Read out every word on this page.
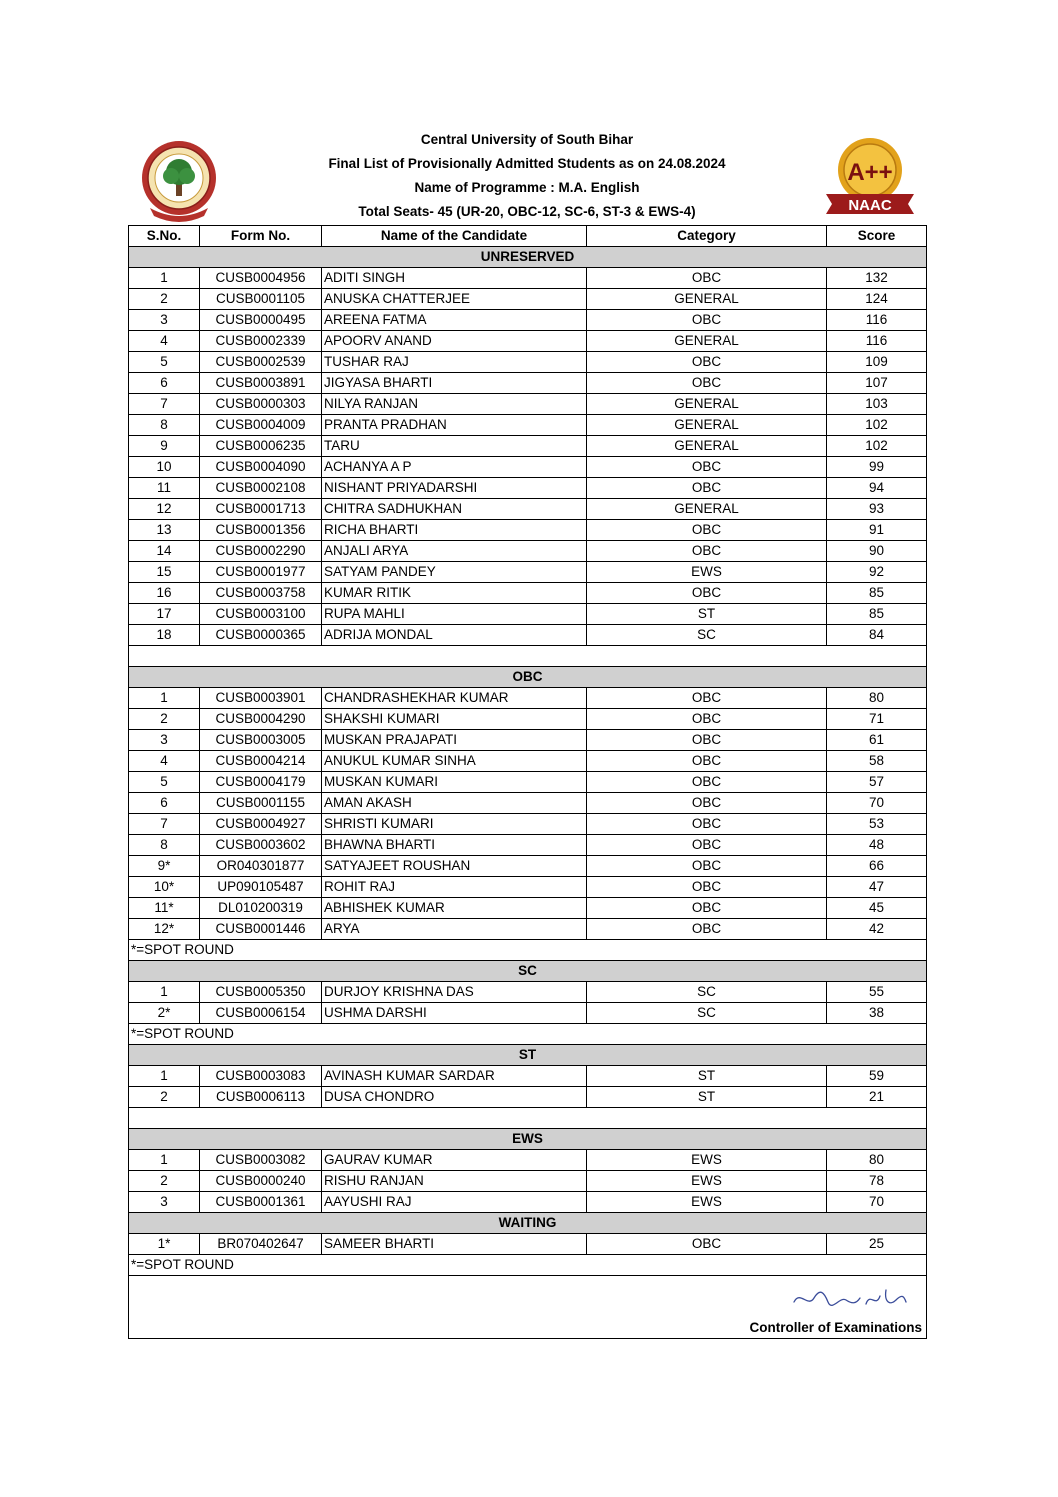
Central University of South Bihar
Final List of Provisionally Admitted Students as on 24.08.2024
Name of Programme : M.A. English
Total Seats- 45 (UR-20, OBC-12, SC-6, ST-3 & EWS-4)
A++
NAAC
S.No.	Form No.	Name of the Candidate	Category	Score
UNRESERVED				
1	CUSB0004956	ADITI SINGH	OBC	132
2	CUSB0001105	ANUSKA CHATTERJEE	GENERAL	124
3	CUSB0000495	AREENA FATMA	OBC	116
4	CUSB0002339	APOORV ANAND	GENERAL	116
5	CUSB0002539	TUSHAR RAJ	OBC	109
6	CUSB0003891	JIGYASA BHARTI	OBC	107
7	CUSB0000303	NILYA RANJAN	GENERAL	103
8	CUSB0004009	PRANTA PRADHAN	GENERAL	102
9	CUSB0006235	TARU	GENERAL	102
10	CUSB0004090	ACHANYA A P	OBC	99
11	CUSB0002108	NISHANT PRIYADARSHI	OBC	94
12	CUSB0001713	CHITRA SADHUKHAN	GENERAL	93
13	CUSB0001356	RICHA BHARTI	OBC	91
14	CUSB0002290	ANJALI ARYA	OBC	90
15	CUSB0001977	SATYAM PANDEY	EWS	92
16	CUSB0003758	KUMAR RITIK	OBC	85
17	CUSB0003100	RUPA MAHLI	ST	85
18	CUSB0000365	ADRIJA MONDAL	SC	84

OBC				
1	CUSB0003901	CHANDRASHEKHAR KUMAR	OBC	80
2	CUSB0004290	SHAKSHI KUMARI	OBC	71
3	CUSB0003005	MUSKAN PRAJAPATI	OBC	61
4	CUSB0004214	ANUKUL KUMAR SINHA	OBC	58
5	CUSB0004179	MUSKAN KUMARI	OBC	57
6	CUSB0001155	AMAN AKASH	OBC	70
7	CUSB0004927	SHRISTI KUMARI	OBC	53
8	CUSB0003602	BHAWNA BHARTI	OBC	48
9*	OR040301877	SATYAJEET ROUSHAN	OBC	66
10*	UP090105487	ROHIT RAJ	OBC	47
11*	DL010200319	ABHISHEK KUMAR	OBC	45
12*	CUSB0001446	ARYA	OBC	42
*=SPOT ROUND				
SC				
1	CUSB0005350	DURJOY KRISHNA DAS	SC	55
2*	CUSB0006154	USHMA DARSHI	SC	38
*=SPOT ROUND				
ST				
1	CUSB0003083	AVINASH KUMAR SARDAR	ST	59
2	CUSB0006113	DUSA CHONDRO	ST	21

EWS				
1	CUSB0003082	GAURAV KUMAR	EWS	80
2	CUSB0000240	RISHU RANJAN	EWS	78
3	CUSB0001361	AAYUSHI RAJ	EWS	70
WAITING				
1*	BR070402647	SAMEER BHARTI	OBC	25
*=SPOT ROUND				

Controller of Examinations				
